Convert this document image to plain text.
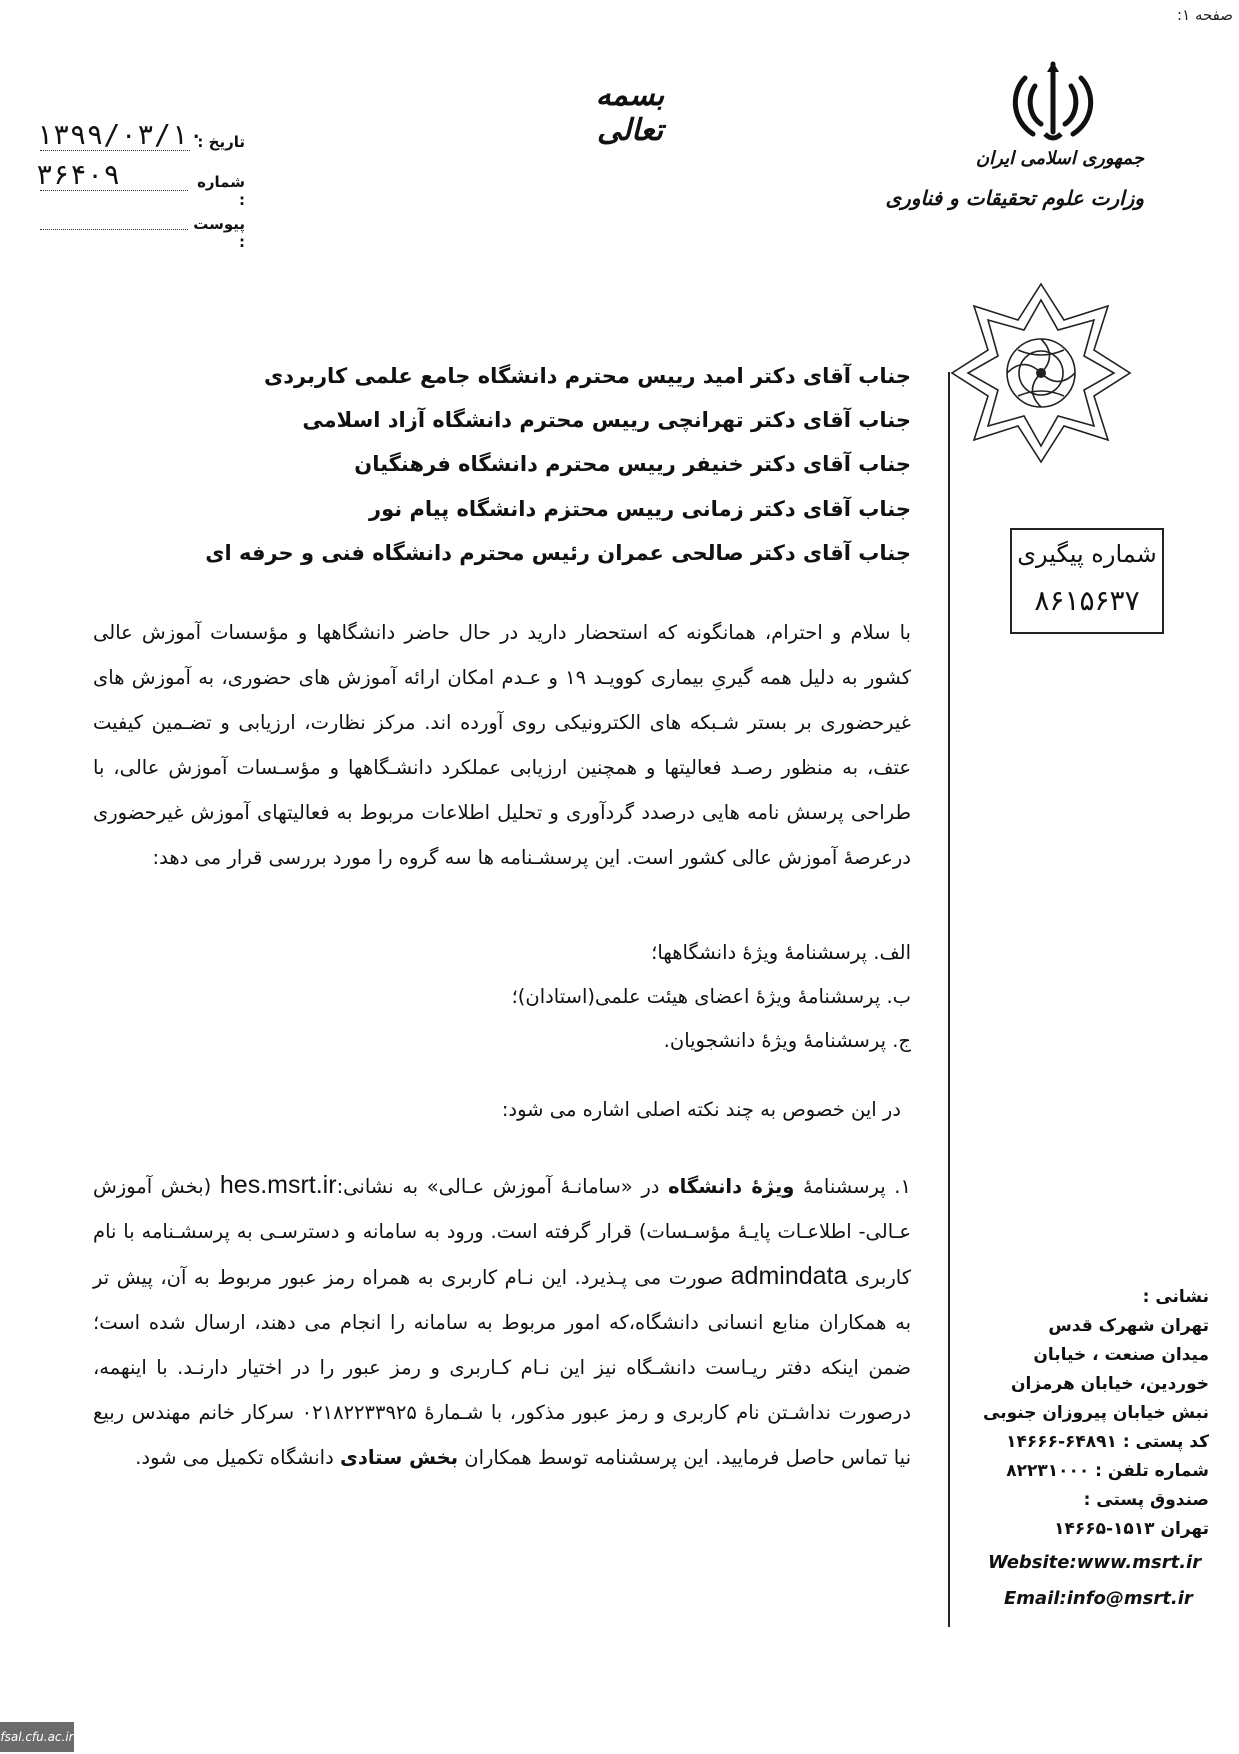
صفحه ۱:
بسمه تعالی
جمهوری اسلامی ایران
وزارت علوم تحقیقات و فناوری
تاریخ :
۱۳۹۹/۰۳/۱۰
شماره :
۳۶۴۰۹
پیوست :
شماره پیگیری
۸۶۱۵۶۳۷
جناب آقای دکتر امید رییس محترم دانشگاه جامع علمی کاربردی
جناب آقای دکتر تهرانچی رییس محترم دانشگاه آزاد اسلامی
جناب آقای دکتر خنیفر رییس محترم دانشگاه فرهنگیان
جناب آقای دکتر زمانی رییس محتزم دانشگاه پیام نور
جناب آقای دکتر صالحی عمران رئیس محترم دانشگاه فنی و حرفه ای
با سلام و احترام، همانگونه که استحضار دارید در حال حاضر دانشگاهها و مؤسسات آموزش عالی کشور به دلیل همه گیریِ بیماری کوویـد ۱۹ و عـدم امکان ارائه آموزش های حضوری، به آموزش های غیرحضوری بر بستر شـبکه های الکترونیکی روی آورده اند. مرکز نظارت، ارزیابی و تضـمین کیفیت عتف، به منظور رصـد فعالیتها و همچنین ارزیابی عملکرد دانشـگاهها و مؤسـسات آموزش عالی، با طراحی پرسش نامه هایی درصدد گردآوری و تحلیل اطلاعات مربوط به فعالیتهای آموزش غیرحضوری درعرصهٔ آموزش عالی کشور است. این پرسشـنامه ها سه گروه را مورد بررسی قرار می دهد:
الف. پرسشنامهٔ ویژهٔ دانشگاهها؛
ب. پرسشنامهٔ ویژهٔ اعضای هیئت علمی(استادان)؛
ج. پرسشنامهٔ ویژهٔ دانشجویان.
در این خصوص به چند نکته اصلی اشاره می شود:
۱. پرسشنامهٔ ویژهٔ دانشگاه در «سامانـهٔ آموزش عـالی» به نشانی:hes.msrt.ir (بخش آموزش عـالی- اطلاعـات پایـهٔ مؤسـسات) قرار گرفته است. ورود به سامانه و دسترسـی به پرسشـنامه با نام کاربری admindata صورت می پـذیرد. این نـام کاربری به همراه رمز عبور مربوط به آن، پیش تر به همکاران منابع انسانی دانشگاه،که امور مربوط به سامانه را انجام می دهند، ارسال شده است؛ ضمن اینکه دفتر ریـاست دانشـگاه نیز این نـام کـاربری و رمز عبور را در اختیار دارنـد. با اینهمه، درصورت نداشـتن نام کاربری و رمز عبور مذکور، با شـمارهٔ ۰۲۱۸۲۲۳۳۹۲۵ سرکار خانم مهندس ربیع نیا تماس حاصل فرمایید. این پرسشنامه توسط همکاران بخش ستادی دانشگاه تکمیل می شود.
نشانی :
تهران شهرک قدس
میدان صنعت ، خیابان
خوردین، خیابان هرمزان
نبش خیابان پیروزان جنوبی
کد پستی : ۶۴۸۹۱-۱۴۶۶۶
شماره تلفن : ۸۲۲۳۱۰۰۰
صندوق پستی :
تهران ۱۵۱۳-۱۴۶۶۵
Website:www.msrt.ir
Email:info@msrt.ir
fsal.cfu.ac.ir
